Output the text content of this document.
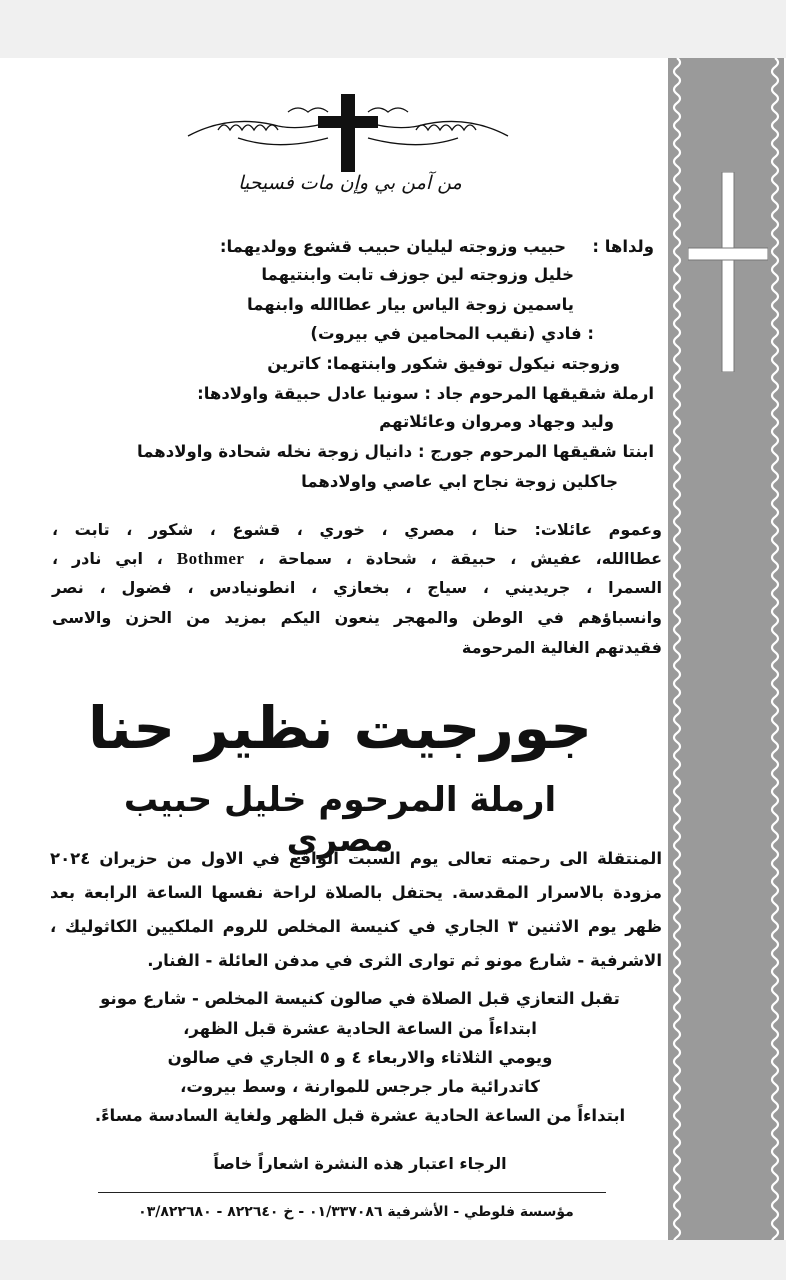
من آمن بي وإن مات فسيحيا
ولداها :
حبيب وزوجته ليليان حبيب قشوع وولديهما:
خليل وزوجته لين جوزف تابت وابنتيهما
ياسمين زوجة الياس بيار عطاالله وابنهما
: فادي (نقيب المحامين في بيروت)
وزوجته نيكول توفيق شكور وابنتهما: كاترين
ارملة شقيقها المرحوم جاد : سونيا عادل حبيقة واولادها:
وليد وجهاد ومروان وعائلاتهم
ابنتا شقيقها المرحوم جورج : دانيال زوجة نخله شحادة واولادهما
جاكلين زوجة نجاح ابي عاصي واولادهما
وعموم عائلات: حنا ، مصري ، خوري ، قشوع ، شكور ، تابت ،
عطاالله، عفيش ، حبيقة ، شحادة ، سماحة ، Bothmer ، ابي نادر ،
السمرا ، جريديني ، سياج ، بخعازي ، انطونيادس ، فضول ، نصر
وانسباؤهم في الوطن والمهجر ينعون اليكم بمزيد من الحزن والاسى
فقيدتهم الغالية المرحومة
جورجيت نظير حنا
ارملة المرحوم خليل حبيب مصري
المنتقلة الى رحمته تعالى يوم السبت الواقع في الاول من حزيران ٢٠٢٤
مزودة بالاسرار المقدسة. يحتفل بالصلاة لراحة نفسها الساعة الرابعة بعد
ظهر يوم الاثنين ٣ الجاري في كنيسة المخلص للروم الملكيين الكاثوليك ،
الاشرفية - شارع مونو ثم توارى الثرى في مدفن العائلة - الفنار.
تقبل التعازي قبل الصلاة في صالون كنيسة المخلص - شارع مونو
ابتداءاً من الساعة الحادية عشرة قبل الظهر،
ويومي الثلاثاء والاربعاء ٤ و ٥ الجاري في صالون
كاتدرائية مار جرجس للموارنة ، وسط بيروت،
ابتداءاً من الساعة الحادية عشرة قبل الظهر ولغاية السادسة مساءً.
الرجاء اعتبار هذه النشرة اشعاراً خاصاً
مؤسسة فلوطي - الأشرفية ٠١/٣٣٧٠٨٦ - خ ٨٢٢٦٤٠ - ٠٣/٨٢٢٦٨٠
